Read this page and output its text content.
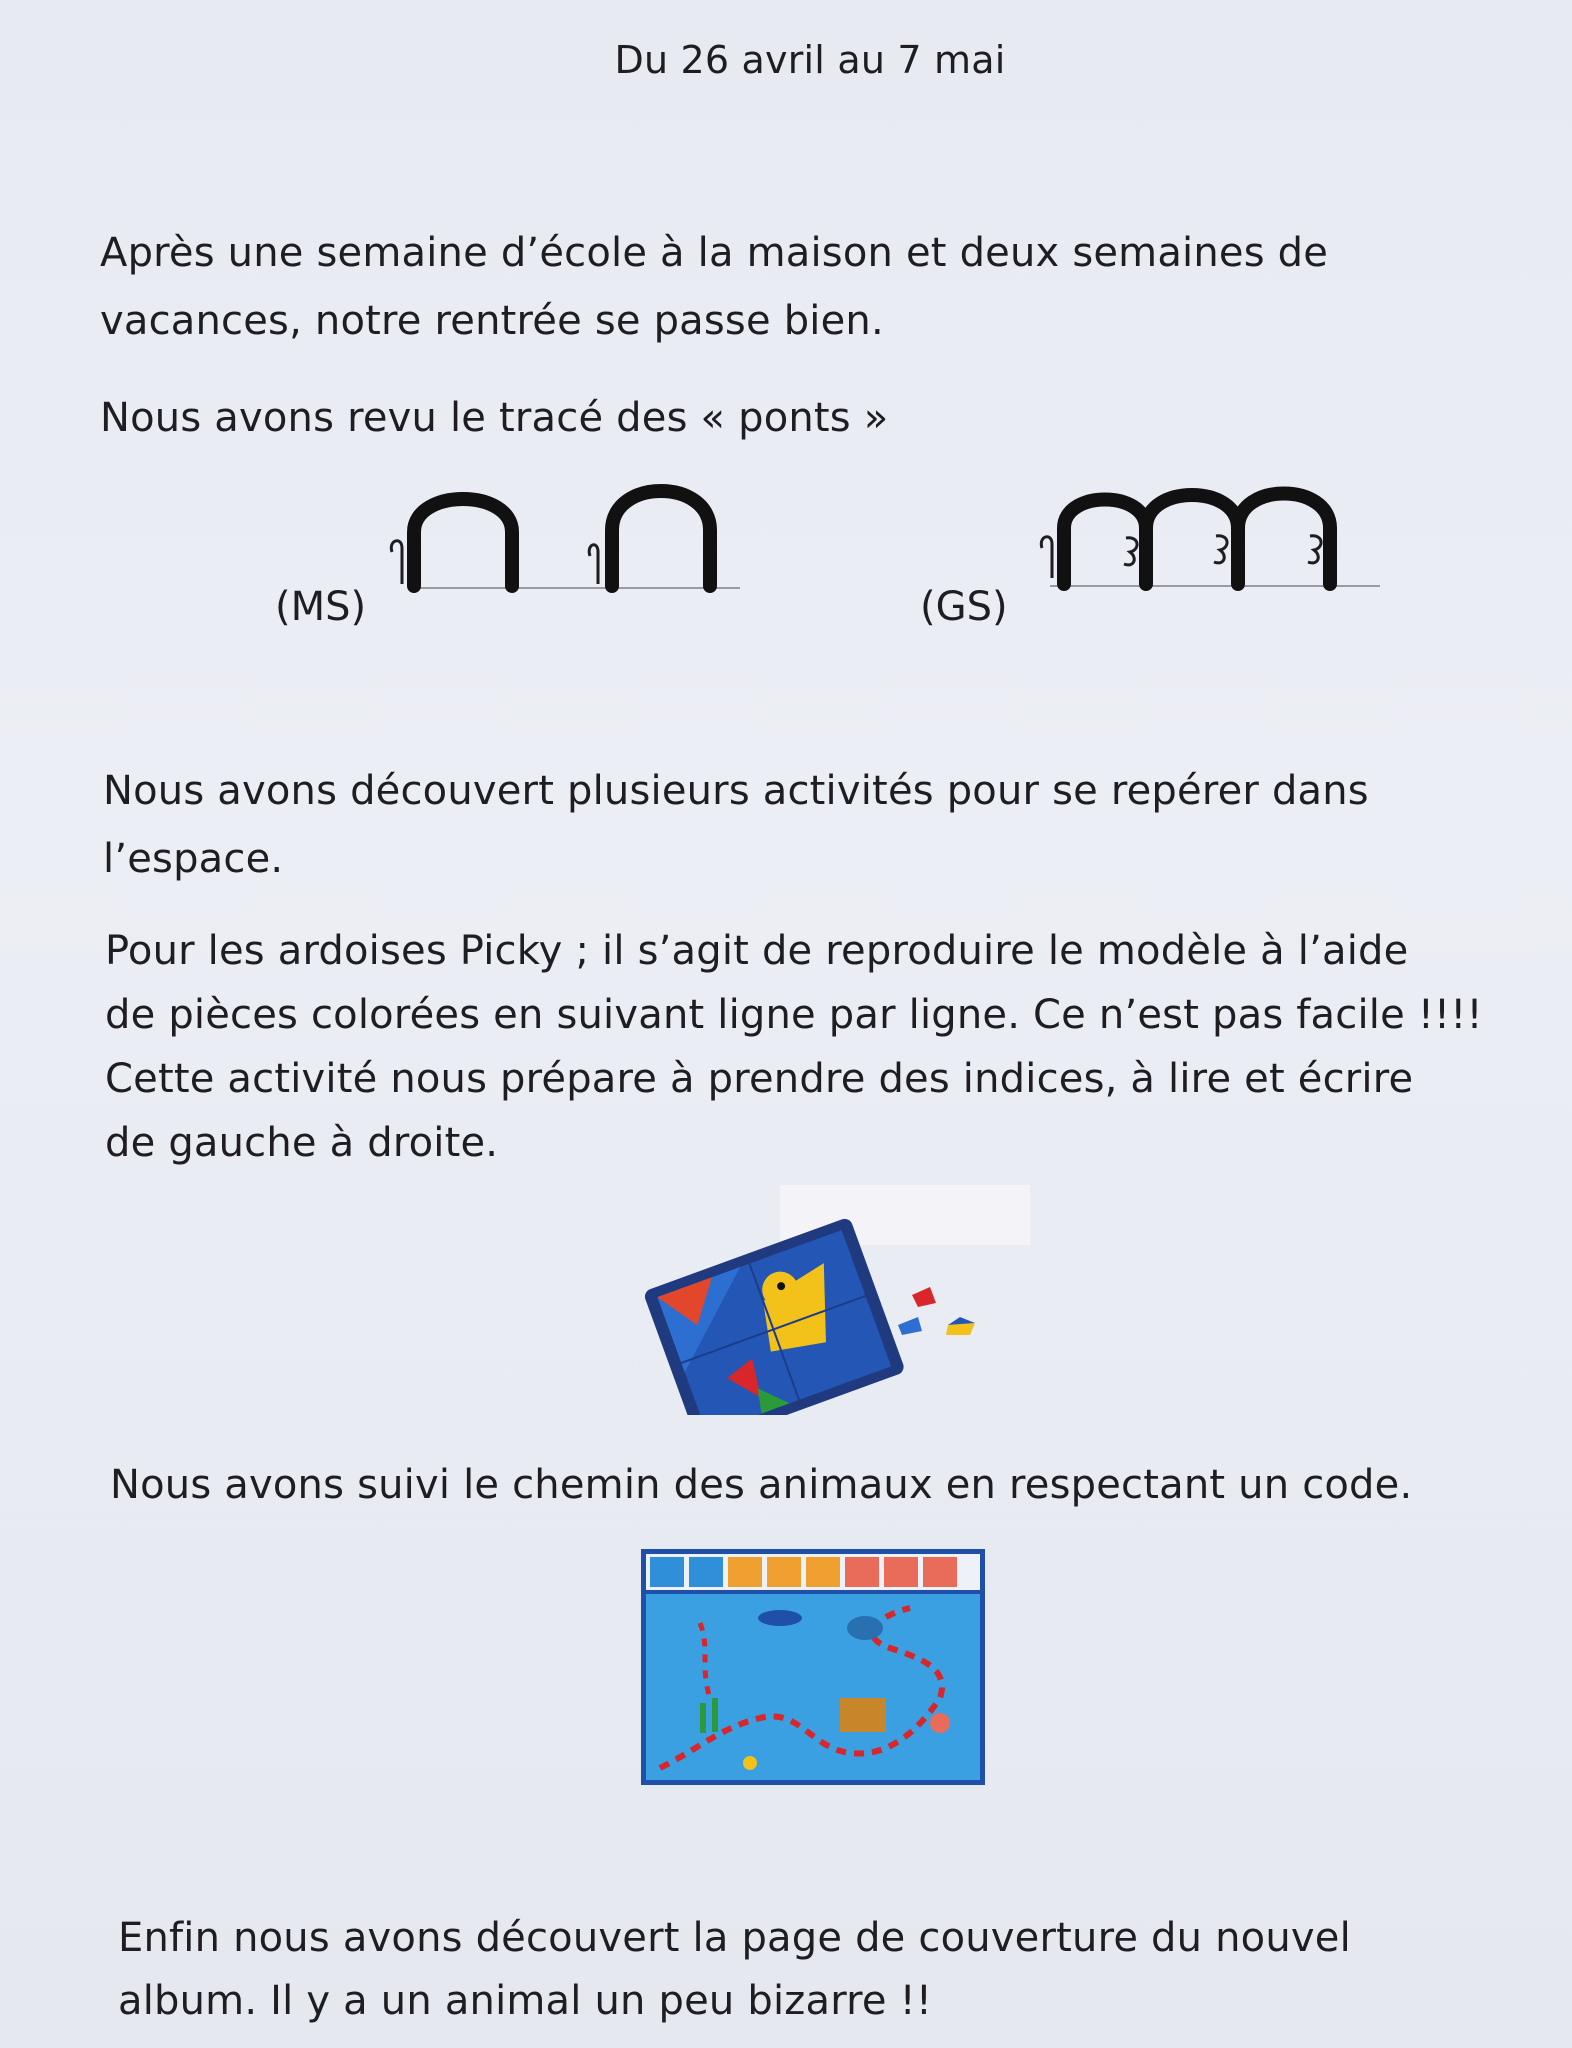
Du 26 avril au 7 mai

Après une semaine d’école à la maison et deux semaines de

vacances, notre rentrée se passe bien.

Nous avons revu le tracé des « ponts »

(MS)	(GS)

Nous avons découvert plusieurs activités pour se repérer dans

l’espace.

Pour les ardoises Picky ; il s’agit de reproduire le modèle à l’aide

de pièces colorées en suivant ligne par ligne. Ce n’est pas facile !!!!

Cette activité nous prépare à prendre des indices, à lire et écrire

de gauche à droite.

Nous avons suivi le chemin des animaux en respectant un code.

Enfin nous avons découvert la page de couverture du nouvel

album. Il y a un animal un peu bizarre !!
